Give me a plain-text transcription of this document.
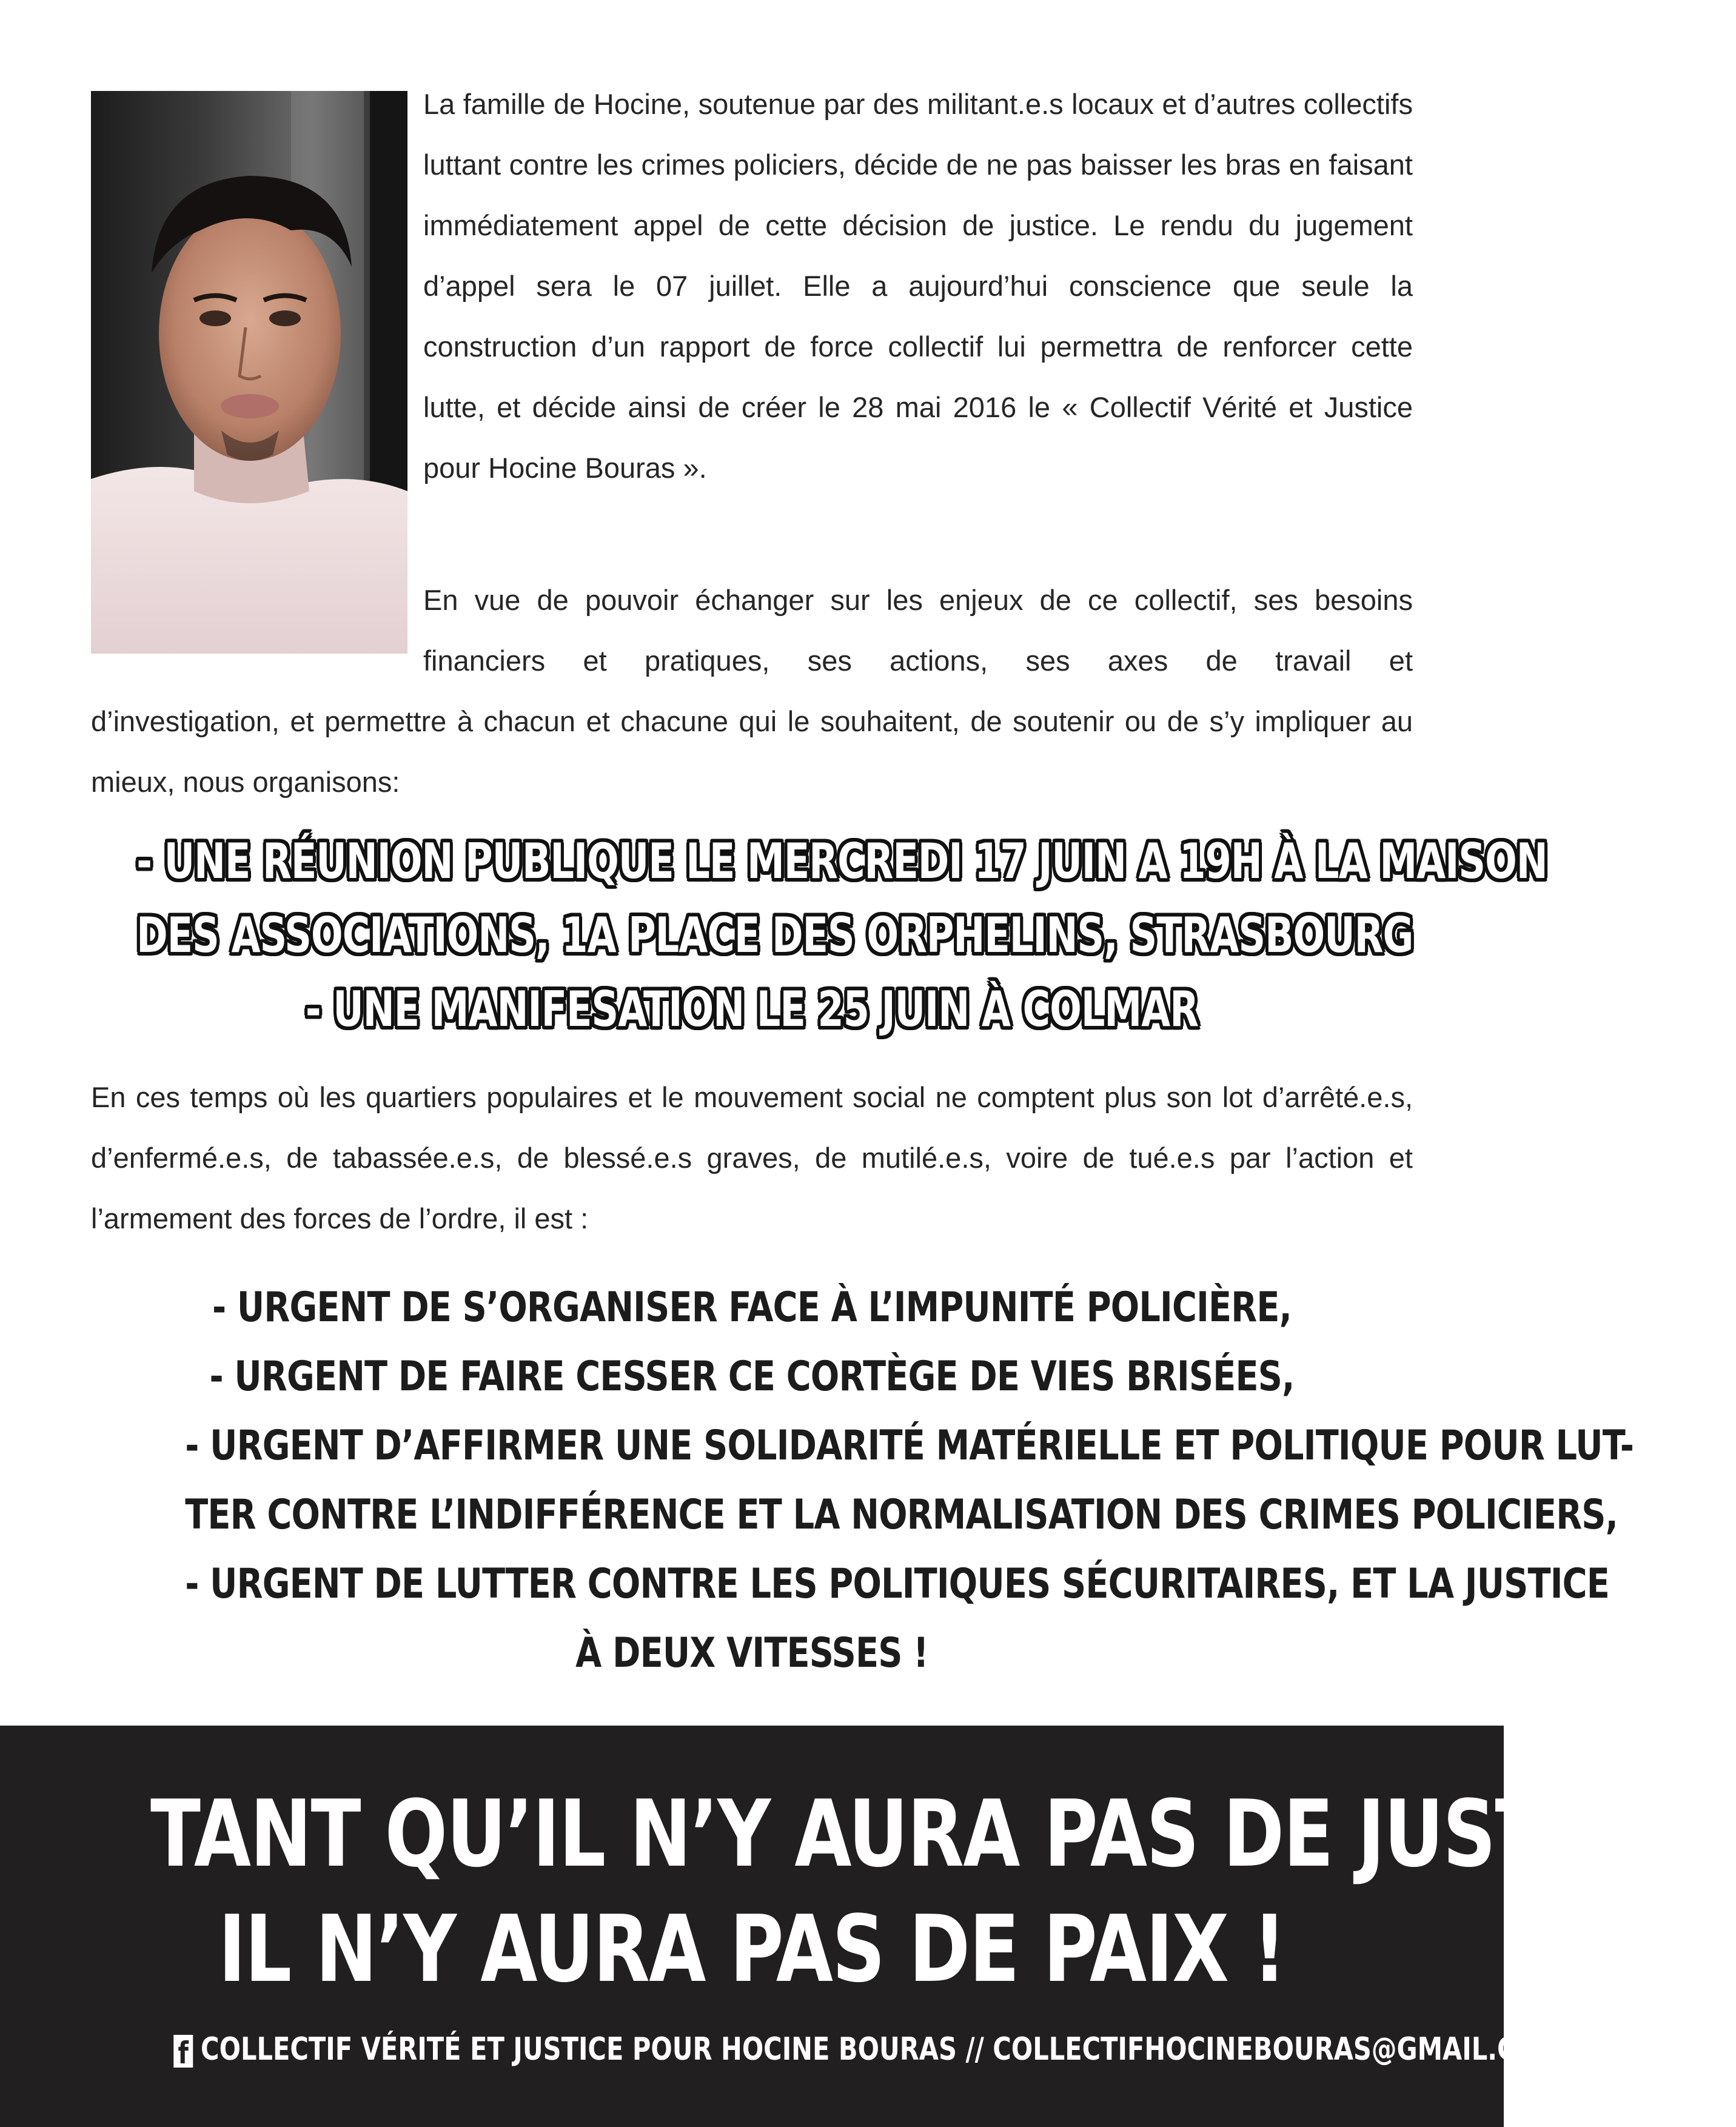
La famille de Hocine, soutenue par des militant.e.s locaux et d’autres collectifs luttant contre les crimes policiers, décide de ne pas baisser les bras en faisant immédiatement appel de cette décision de justice. Le rendu du jugement d’appel sera le 07 juillet. Elle a aujourd’hui conscience que seule la construction d’un rapport de force collectif lui permettra de renforcer cette lutte, et décide ainsi de créer le 28 mai 2016 le « Collectif Vérité et Justice pour Hocine Bouras ».

En vue de pouvoir échanger sur les enjeux de ce collectif, ses besoins financiers et pratiques, ses actions, ses axes de travail et

d’investigation, et permettre à chacun et chacune qui le souhaitent, de soutenir ou de s’y impliquer au mieux, nous organisons:

- UNE RÉUNION PUBLIQUE LE MERCREDI 17 JUIN A 19H À LA MAISON
DES ASSOCIATIONS, 1A PLACE DES ORPHELINS, STRASBOURG
- UNE MANIFESATION LE 25 JUIN À COLMAR

En ces temps où les quartiers populaires et le mouvement social ne comptent plus son lot d’arrêté.e.s, d’enfermé.e.s, de tabassée.e.s, de blessé.e.s graves, de mutilé.e.s, voire de tué.e.s par l’action et l’armement des forces de l’ordre, il est :

- URGENT DE S’ORGANISER FACE À L’IMPUNITÉ POLICIÈRE,
- URGENT DE FAIRE CESSER CE CORTÈGE DE VIES BRISÉES,
- URGENT D’AFFIRMER UNE SOLIDARITÉ MATÉRIELLE ET POLITIQUE POUR LUT-
TER CONTRE L’INDIFFÉRENCE ET LA NORMALISATION DES CRIMES POLICIERS,
- URGENT DE LUTTER CONTRE LES POLITIQUES SÉCURITAIRES, ET LA JUSTICE
À DEUX VITESSES !
TANT QU’IL N’Y AURA PAS DE JUSTICE,
IL N’Y AURA PAS DE PAIX !
f COLLECTIF VÉRITÉ ET JUSTICE POUR HOCINE BOURAS // COLLECTIFHOCINEBOURAS@GMAIL.COM
